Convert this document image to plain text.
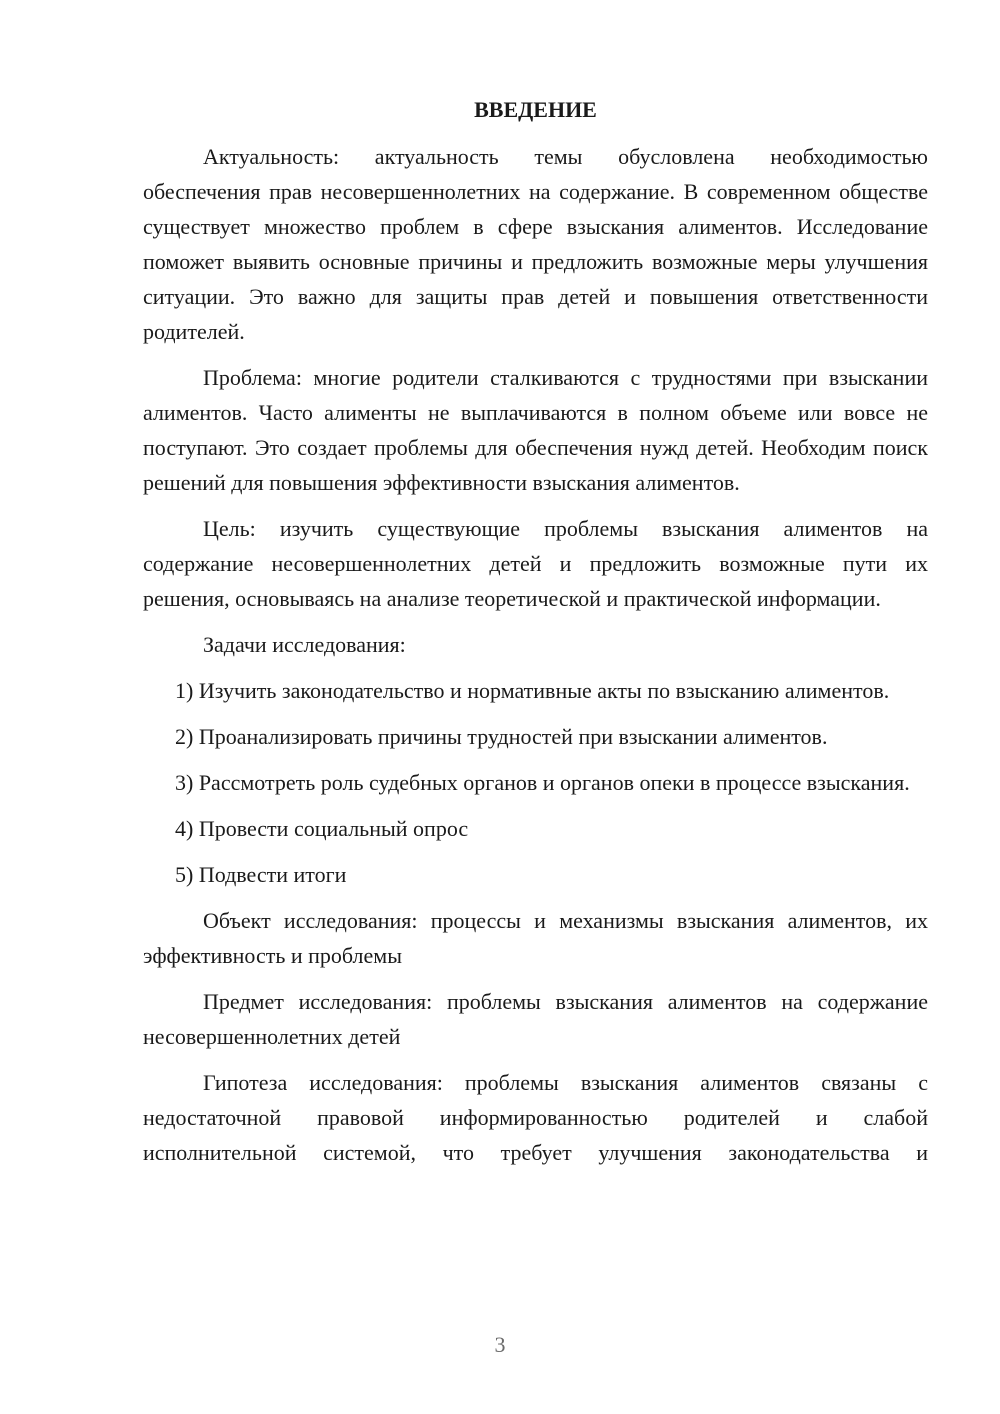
ВВЕДЕНИЕ

Актуальность: актуальность темы обусловлена необходимостью обеспечения прав несовершеннолетних на содержание. В современном обществе существует множество проблем в сфере взыскания алиментов. Исследование поможет выявить основные причины и предложить возможные меры улучшения ситуации. Это важно для защиты прав детей и повышения ответственности родителей.

Проблема: многие родители сталкиваются с трудностями при взыскании алиментов. Часто алименты не выплачиваются в полном объеме или вовсе не поступают. Это создает проблемы для обеспечения нужд детей. Необходим поиск решений для повышения эффективности взыскания алиментов.

Цель: изучить существующие проблемы взыскания алиментов на содержание несовершеннолетних детей и предложить возможные пути их решения, основываясь на анализе теоретической и практической информации.

Задачи исследования:

1) Изучить законодательство и нормативные акты по взысканию алиментов.

2) Проанализировать причины трудностей при взыскании алиментов.

3) Рассмотреть роль судебных органов и органов опеки в процессе взыскания.

4) Провести социальный опрос

5) Подвести итоги

Объект исследования: процессы и механизмы взыскания алиментов, их эффективность и проблемы

Предмет исследования: проблемы взыскания алиментов на содержание несовершеннолетних детей

Гипотеза исследования: проблемы взыскания алиментов связаны с недостаточной правовой информированностью родителей и слабой исполнительной системой, что требует улучшения законодательства и

3
